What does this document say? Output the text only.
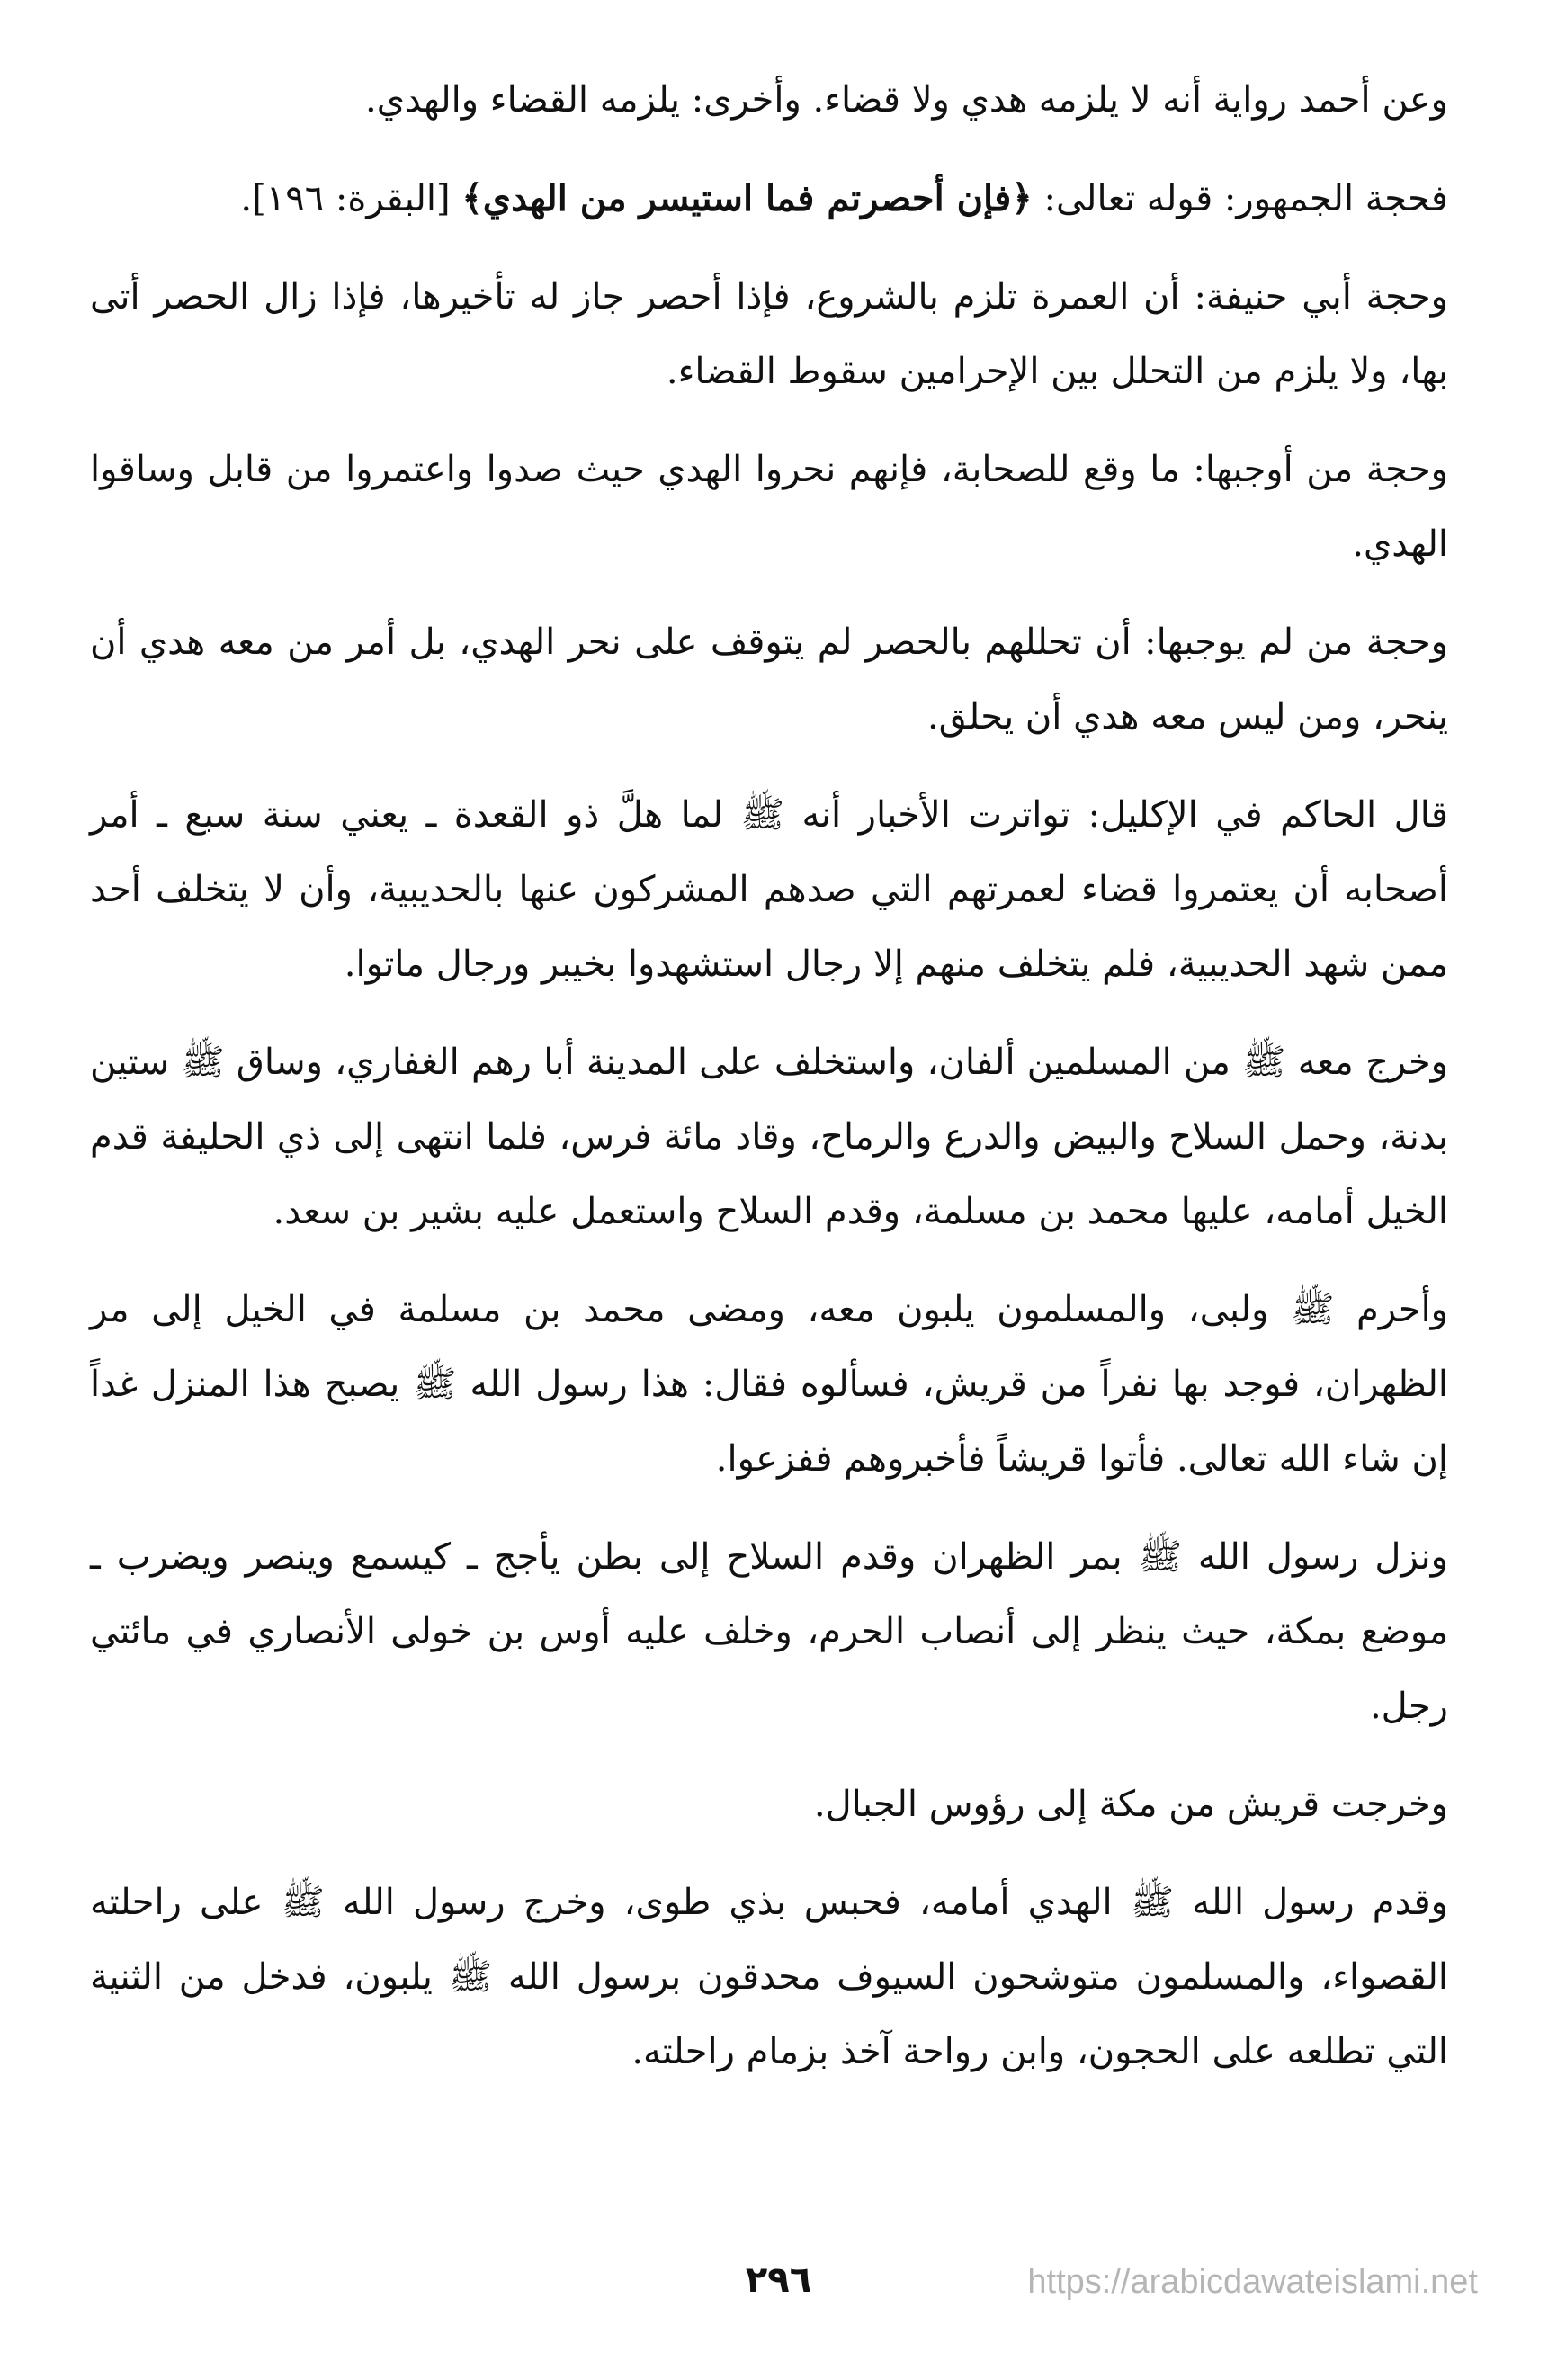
وعن أحمد رواية أنه لا يلزمه هدي ولا قضاء. وأخرى: يلزمه القضاء والهدي.

فحجة الجمهور: قوله تعالى: ﴿فإن أحصرتم فما استيسر من الهدي﴾ [البقرة: ١٩٦].

وحجة أبي حنيفة: أن العمرة تلزم بالشروع، فإذا أحصر جاز له تأخيرها، فإذا زال الحصر أتى بها، ولا يلزم من التحلل بين الإحرامين سقوط القضاء.

وحجة من أوجبها: ما وقع للصحابة، فإنهم نحروا الهدي حيث صدوا واعتمروا من قابل وساقوا الهدي.

وحجة من لم يوجبها: أن تحللهم بالحصر لم يتوقف على نحر الهدي، بل أمر من معه هدي أن ينحر، ومن ليس معه هدي أن يحلق.

قال الحاكم في الإكليل: تواترت الأخبار أنه ﷺ لما هلَّ ذو القعدة ـ يعني سنة سبع ـ أمر أصحابه أن يعتمروا قضاء لعمرتهم التي صدهم المشركون عنها بالحديبية، وأن لا يتخلف أحد ممن شهد الحديبية، فلم يتخلف منهم إلا رجال استشهدوا بخيبر ورجال ماتوا.

وخرج معه ﷺ من المسلمين ألفان، واستخلف على المدينة أبا رهم الغفاري، وساق ﷺ ستين بدنة، وحمل السلاح والبيض والدرع والرماح، وقاد مائة فرس، فلما انتهى إلى ذي الحليفة قدم الخيل أمامه، عليها محمد بن مسلمة، وقدم السلاح واستعمل عليه بشير بن سعد.

وأحرم ﷺ ولبى، والمسلمون يلبون معه، ومضى محمد بن مسلمة في الخيل إلى مر الظهران، فوجد بها نفراً من قريش، فسألوه فقال: هذا رسول الله ﷺ يصبح هذا المنزل غداً إن شاء الله تعالى. فأتوا قريشاً فأخبروهم ففزعوا.

ونزل رسول الله ﷺ بمر الظهران وقدم السلاح إلى بطن يأجج ـ كيسمع وينصر ويضرب ـ موضع بمكة، حيث ينظر إلى أنصاب الحرم، وخلف عليه أوس بن خولى الأنصاري في مائتي رجل.

وخرجت قريش من مكة إلى رؤوس الجبال.

وقدم رسول الله ﷺ الهدي أمامه، فحبس بذي طوى، وخرج رسول الله ﷺ على راحلته القصواء، والمسلمون متوشحون السيوف محدقون برسول الله ﷺ يلبون، فدخل من الثنية التي تطلعه على الحجون، وابن رواحة آخذ بزمام راحلته.

٢٩٦	https://arabicdawateislami.net
